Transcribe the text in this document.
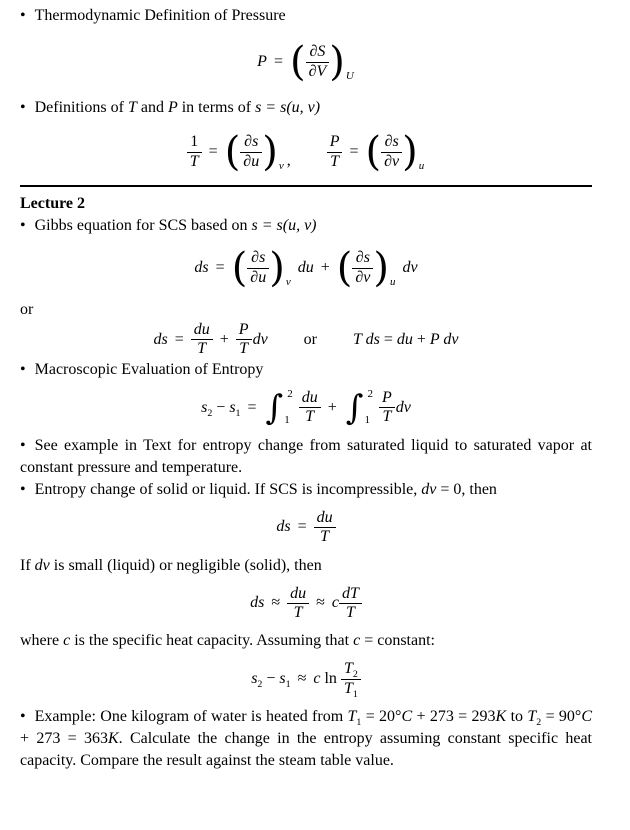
• Thermodynamic Definition of Pressure

P = ( $\frac{\partial S}{\partial V}$ ) U

• Definitions of T and P in terms of s = s(u, v)

$\frac{1}{T}$ = ( $\frac{\partial s}{\partial u}$ ) v , $\frac{P}{T}$ = ( $\frac{\partial s}{\partial v}$ ) u

Lecture 2

• Gibbs equation for SCS based on s = s(u, v)

ds = ( $\frac{\partial s}{\partial u}$ ) v
du + ( $\frac{\partial s}{\partial v}$ ) u
dv

or

ds = $\frac{du}{T} + \frac{P}{T}$ dv or T ds = du + P dv

• Macroscopic Evaluation of Entropy

$s_2 - s_1$ = ∫ 2
$1 \frac{du}{T}$ + ∫ 2
$1 \frac{P}{T}$ dv

• See example in Text for entropy change from saturated liquid to saturated vapor at constant pressure and temperature.

• Entropy change of solid or liquid. If SCS is incompressible, dv = 0, then

ds = $\frac{du}{T}$

If dv is small (liquid) or negligible (solid), then

ds ≈ $\frac{du}{T} \approx c \frac{dT}{T}$

where c is the specific heat capacity. Assuming that c = constant:

$s_2 - s_1 \approx c$ $\ln \frac{T_2}{T_1}$

• Example: One kilogram of water is heated from $T_1 = 20^\circ C + 273 = 293K$ to $T_2 = 90^\circ C + 273 = 363K$. Calculate the change in the entropy assuming constant specific heat capacity. Compare the result against the steam table value.
